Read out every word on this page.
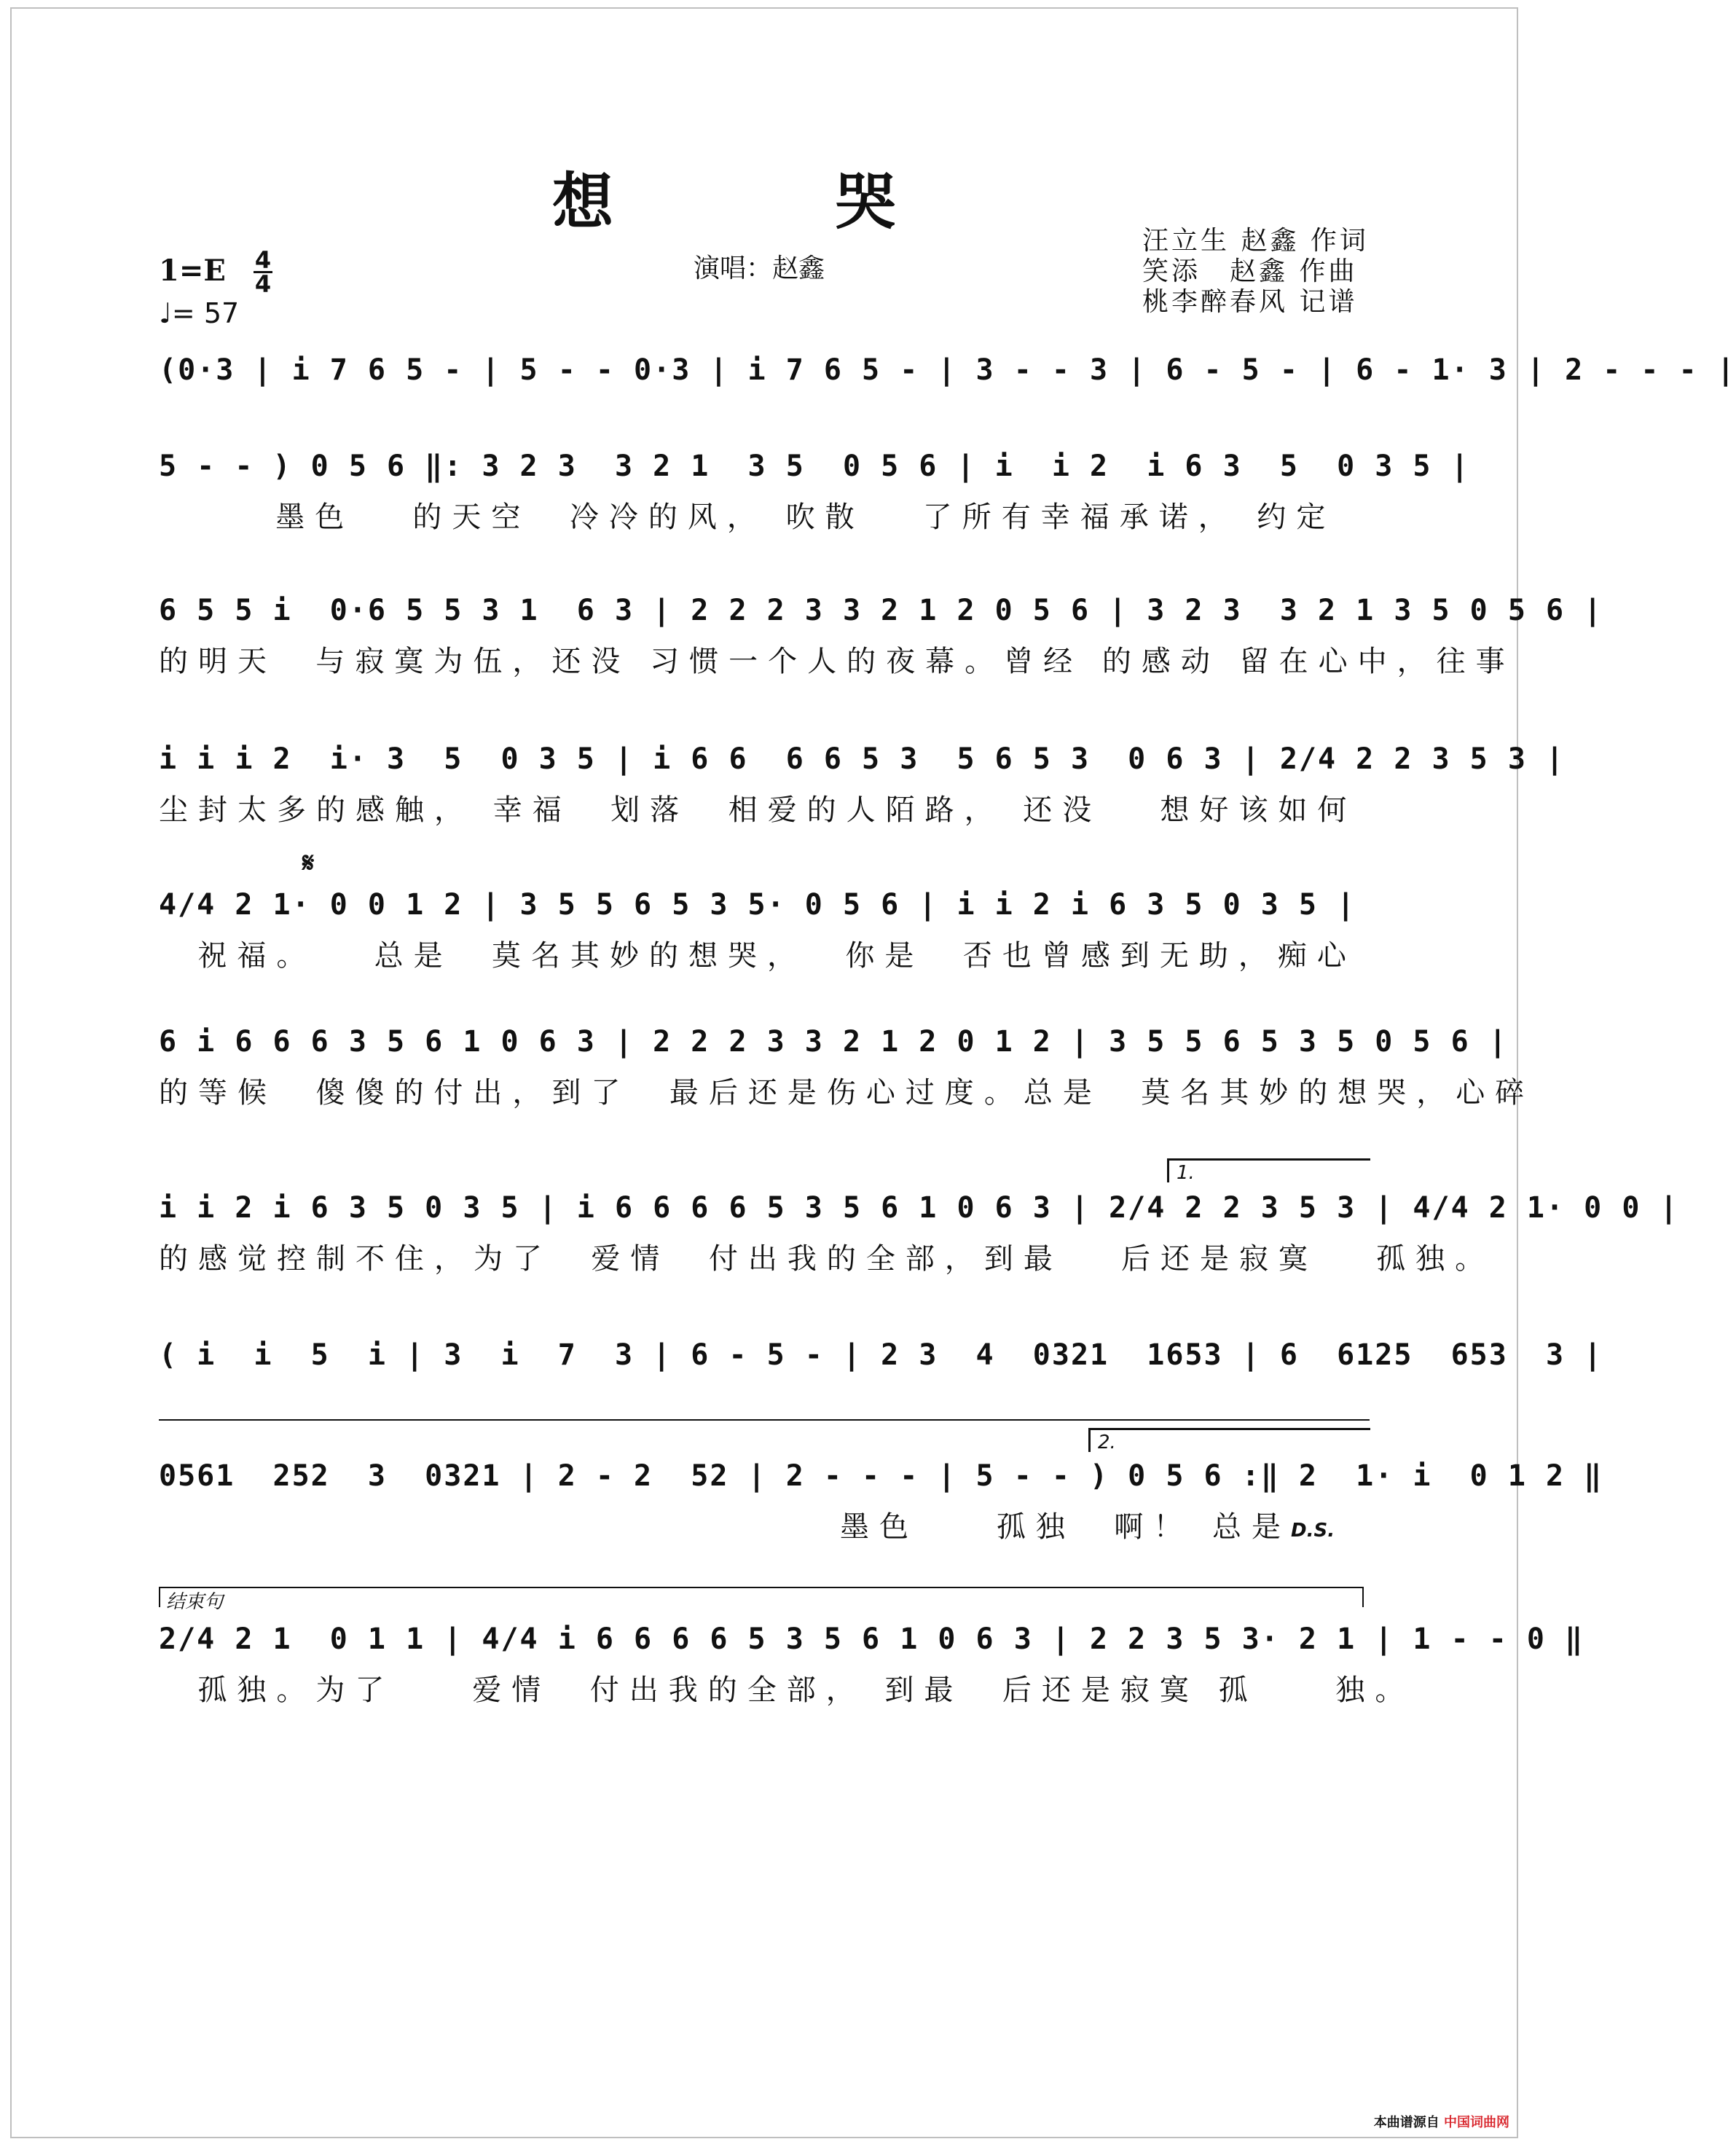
想　哭
演唱：赵鑫
汪立生 赵鑫 作词
笑添　赵鑫 作曲
桃李醉春风 记谱
1=E 4
4
♩= 57
(0·3 | i 7 6 5 - | 5 - - 0·3 | i 7 6 5 - | 3 - - 3 | 6 - 5 - | 6 - 1· 3 | 2 - - - |
5 - - ) 0 5 6 ‖: 3 2 3  3 2 1  3 5  0 5 6 | i  i 2  i 6 3  5  0 3 5 |
墨色   的天空  冷冷的风， 吹散   了所有幸福承诺， 约定
6 5 5 i  0·6 5 5 3 1  6 3 | 2 2 2 3 3 2 1 2 0 5 6 | 3 2 3  3 2 1 3 5 0 5 6 |
的明天  与寂寞为伍，还没 习惯一个人的夜幕。曾经 的感动 留在心中，往事
i i i 2  i· 3  5  0 3 5 | i 6 6  6 6 5 3  5 6 5 3  0 6 3 | 2/4 2 2 3 5 3 |
尘封太多的感触， 幸福  划落  相爱的人陌路， 还没   想好该如何
𝄋
4/4 2 1· 0 0 1 2 | 3 5 5 6 5 3 5· 0 5 6 | i i 2 i 6 3 5 0 3 5 |
祝福。   总是  莫名其妙的想哭，  你是  否也曾感到无助，痴心
6 i 6 6 6 3 5 6 1 0 6 3 | 2 2 2 3 3 2 1 2 0 1 2 | 3 5 5 6 5 3 5 0 5 6 |
的等候  傻傻的付出，到了  最后还是伤心过度。总是  莫名其妙的想哭，心碎
1.
i i 2 i 6 3 5 0 3 5 | i 6 6 6 6 5 3 5 6 1 0 6 3 | 2/4 2 2 3 5 3 | 4/4 2 1· 0 0 |
的感觉控制不住，为了  爱情  付出我的全部，到最   后还是寂寞   孤独。
( i  i  5  i | 3  i  7  3 | 6 - 5 - | 2 3  4  0321  1653 | 6  6125  653  3 |
2.
0561  252  3  0321 | 2 - 2  52 | 2 - - - | 5 - - ) 0 5 6 :‖ 2  1· i  0 1 2 ‖
墨色    孤独  啊！ 总是D.S.
结束句
2/4 2 1  0 1 1 | 4/4 i 6 6 6 6 5 3 5 6 1 0 6 3 | 2 2 3 5 3· 2 1 | 1 - - 0 ‖
孤独。为了    爱情  付出我的全部， 到最  后还是寂寞 孤    独。
本曲谱源自 中国词曲网
